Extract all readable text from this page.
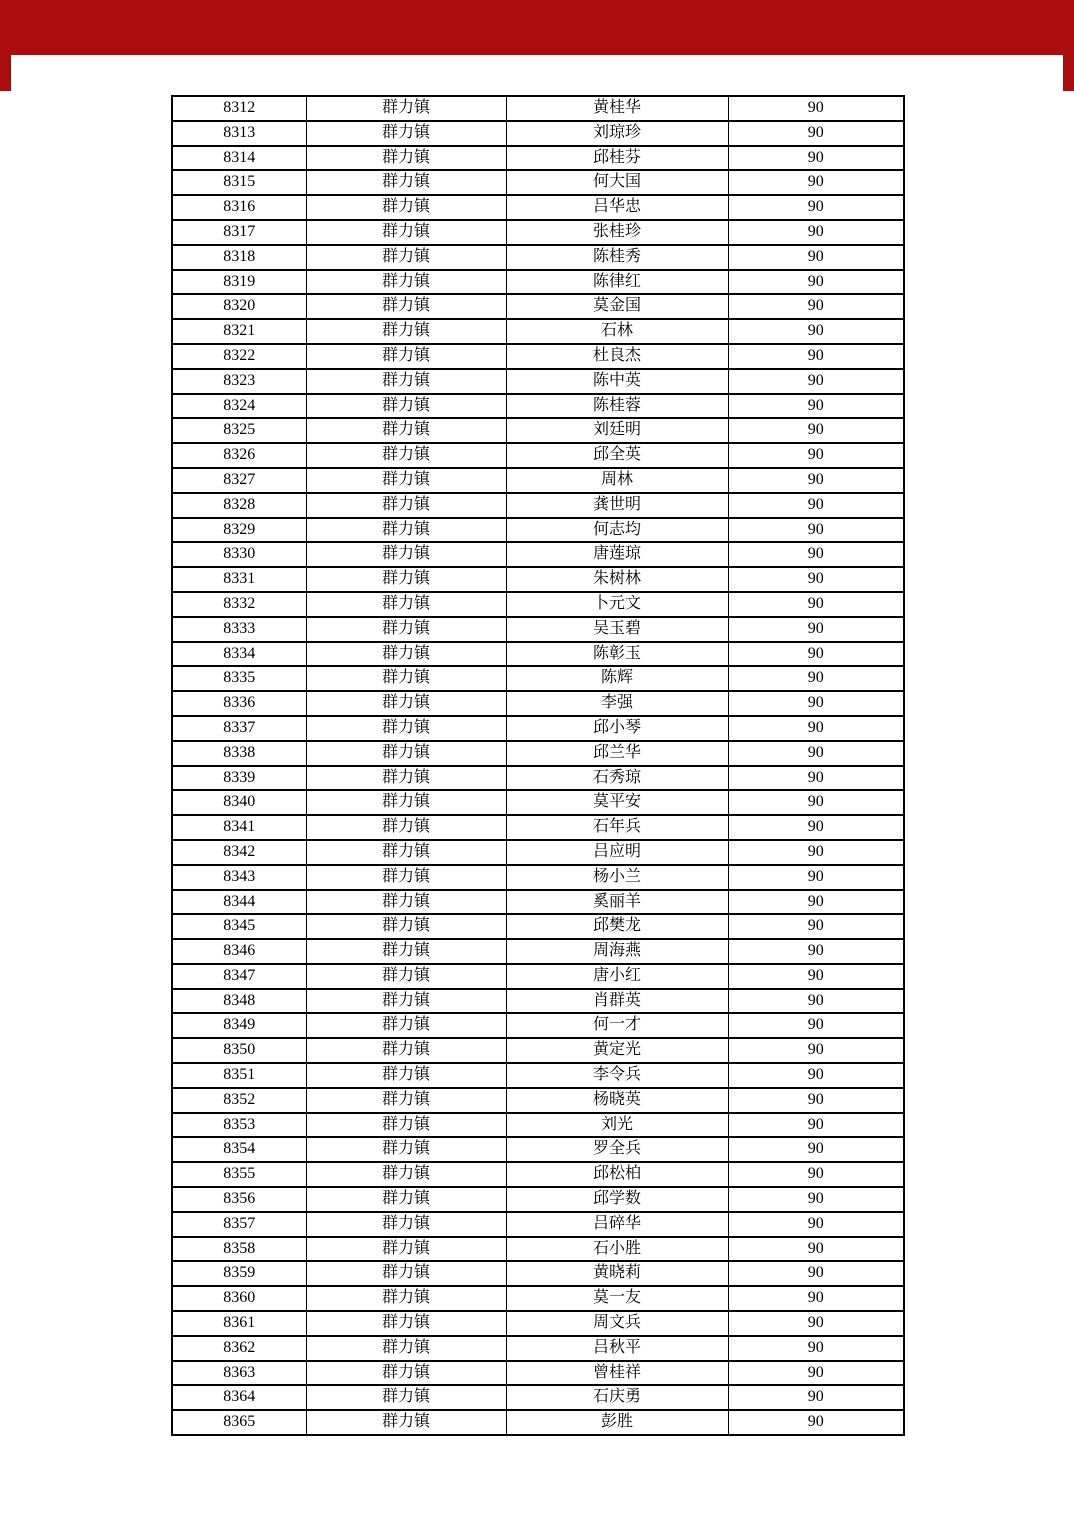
8312	群力镇	黄桂华	90
8313	群力镇	刘琼珍	90
8314	群力镇	邱桂芬	90
8315	群力镇	何大国	90
8316	群力镇	吕华忠	90
8317	群力镇	张桂珍	90
8318	群力镇	陈桂秀	90
8319	群力镇	陈律红	90
8320	群力镇	莫金国	90
8321	群力镇	石林	90
8322	群力镇	杜良杰	90
8323	群力镇	陈中英	90
8324	群力镇	陈桂蓉	90
8325	群力镇	刘廷明	90
8326	群力镇	邱全英	90
8327	群力镇	周林	90
8328	群力镇	龚世明	90
8329	群力镇	何志均	90
8330	群力镇	唐莲琼	90
8331	群力镇	朱树林	90
8332	群力镇	卜元文	90
8333	群力镇	吴玉碧	90
8334	群力镇	陈彰玉	90
8335	群力镇	陈辉	90
8336	群力镇	李强	90
8337	群力镇	邱小琴	90
8338	群力镇	邱兰华	90
8339	群力镇	石秀琼	90
8340	群力镇	莫平安	90
8341	群力镇	石年兵	90
8342	群力镇	吕应明	90
8343	群力镇	杨小兰	90
8344	群力镇	奚丽羊	90
8345	群力镇	邱樊龙	90
8346	群力镇	周海燕	90
8347	群力镇	唐小红	90
8348	群力镇	肖群英	90
8349	群力镇	何一才	90
8350	群力镇	黄定光	90
8351	群力镇	李令兵	90
8352	群力镇	杨晓英	90
8353	群力镇	刘光	90
8354	群力镇	罗全兵	90
8355	群力镇	邱松柏	90
8356	群力镇	邱学数	90
8357	群力镇	吕碎华	90
8358	群力镇	石小胜	90
8359	群力镇	黄晓莉	90
8360	群力镇	莫一友	90
8361	群力镇	周文兵	90
8362	群力镇	吕秋平	90
8363	群力镇	曾桂祥	90
8364	群力镇	石庆勇	90
8365	群力镇	彭胜	90
